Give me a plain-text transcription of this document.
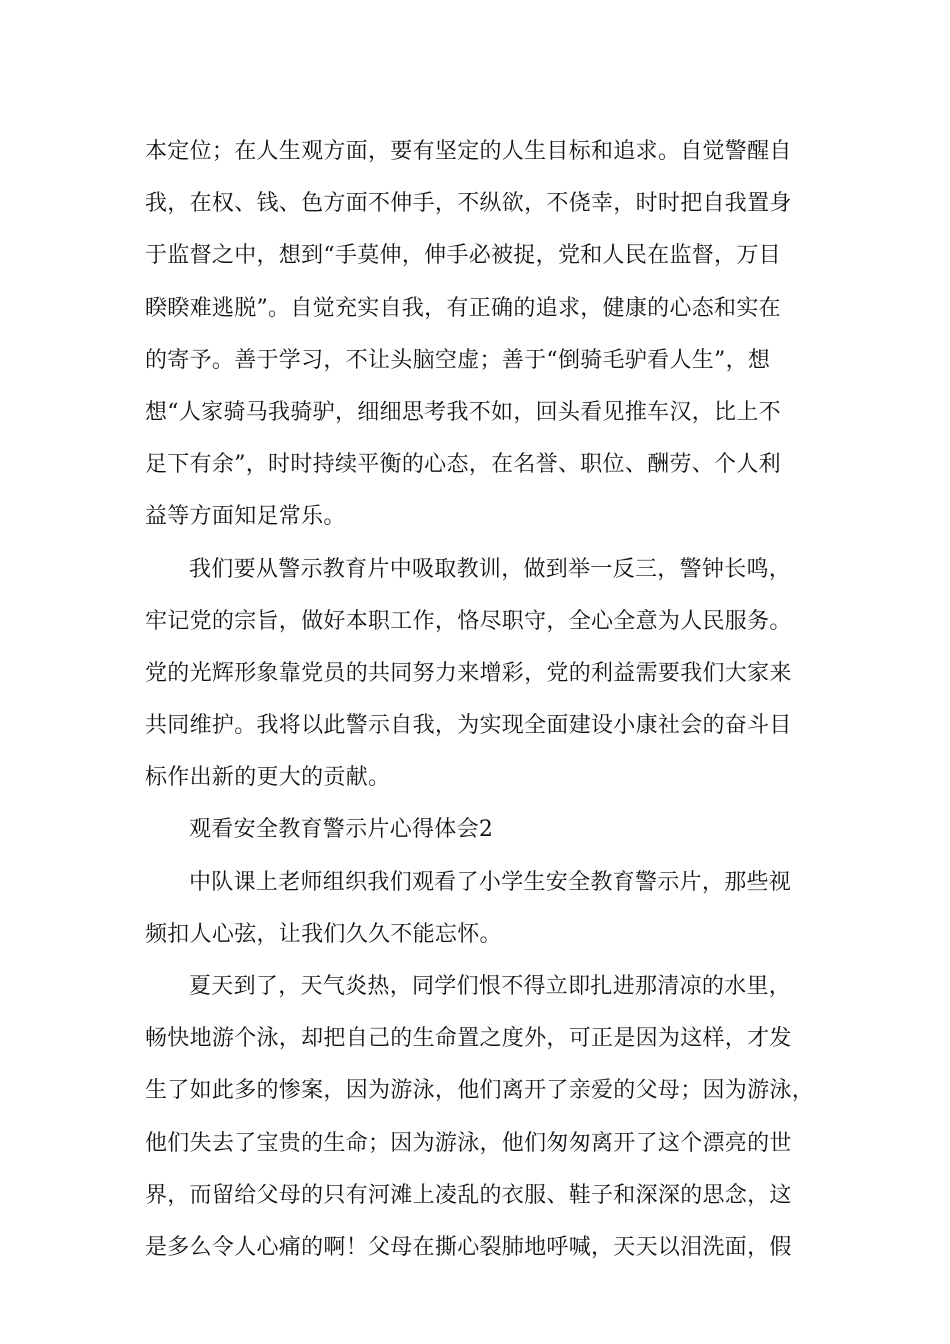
本定位；在人生观方面，要有坚定的人生目标和追求。自觉警醒自
我，在权、钱、色方面不伸手，不纵欲，不侥幸，时时把自我置身
于监督之中，想到“手莫伸，伸手必被捉，党和人民在监督，万目
睽睽难逃脱”。自觉充实自我，有正确的追求，健康的心态和实在
的寄予。善于学习，不让头脑空虚；善于“倒骑毛驴看人生”，想
想“人家骑马我骑驴，细细思考我不如，回头看见推车汉，比上不
足下有余”，时时持续平衡的心态，在名誉、职位、酬劳、个人利
益等方面知足常乐。
我们要从警示教育片中吸取教训，做到举一反三，警钟长鸣，
牢记党的宗旨，做好本职工作，恪尽职守，全心全意为人民服务。
党的光辉形象靠党员的共同努力来增彩，党的利益需要我们大家来
共同维护。我将以此警示自我，为实现全面建设小康社会的奋斗目
标作出新的更大的贡献。
观看安全教育警示片心得体会2
中队课上老师组织我们观看了小学生安全教育警示片，那些视
频扣人心弦，让我们久久不能忘怀。
夏天到了，天气炎热，同学们恨不得立即扎进那清凉的水里，
畅快地游个泳，却把自己的生命置之度外，可正是因为这样，才发
生了如此多的惨案，因为游泳，他们离开了亲爱的父母；因为游泳，
他们失去了宝贵的生命；因为游泳，他们匆匆离开了这个漂亮的世
界，而留给父母的只有河滩上凌乱的衣服、鞋子和深深的思念，这
是多么令人心痛的啊！父母在撕心裂肺地呼喊，天天以泪洗面，假
